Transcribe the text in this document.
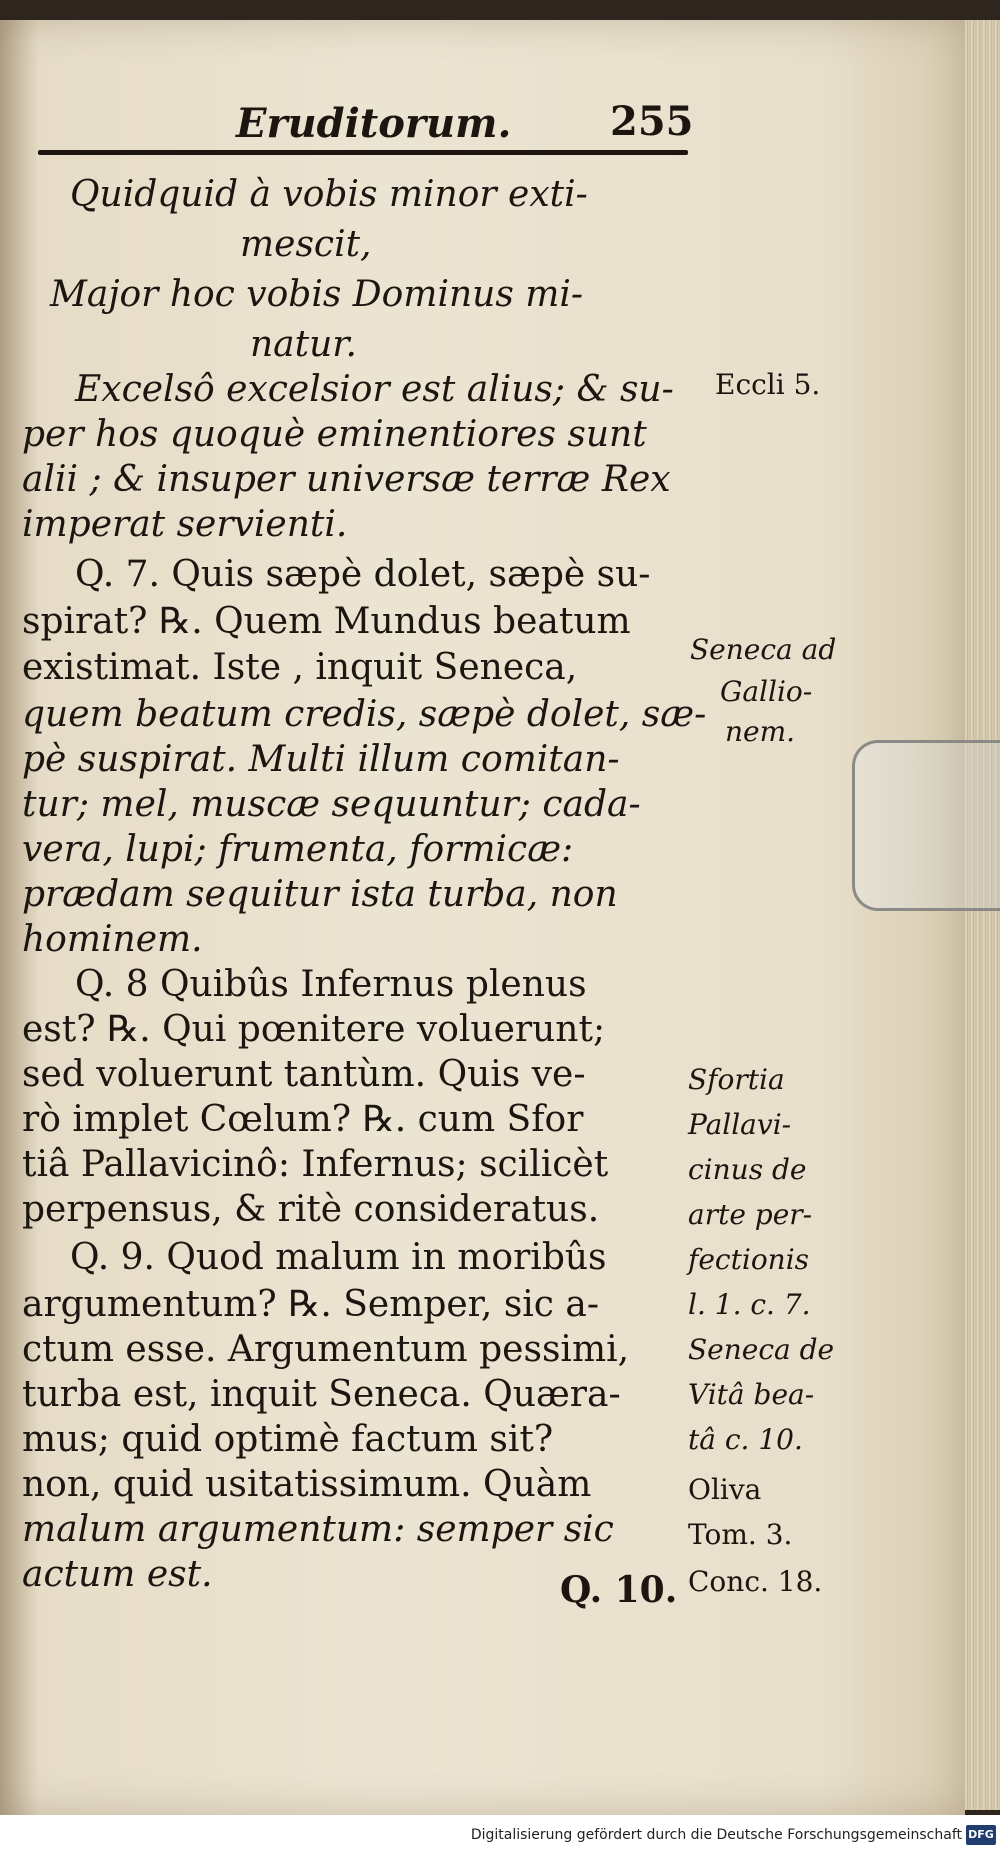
Eruditorum. 255
Quidquid à vobis minor exti-
mescit,
Major hoc vobis Dominus mi-
natur.
Excelsô excelsior est alius; & su-
per hos quoquè eminentiores sunt
alii ; & insuper universæ terræ Rex
imperat servienti.
Q. 7. Quis sæpè dolet, sæpè su-
spirat? ℞. Quem Mundus beatum
existimat. Iste , inquit Seneca,
quem beatum credis, sæpè dolet, sæ-
pè suspirat. Multi illum comitan-
tur; mel, muscæ sequuntur; cada-
vera, lupi; frumenta, formicæ:
prædam sequitur ista turba, non
hominem.
Q. 8 Quibûs Infernus plenus
est? ℞. Qui pœnitere voluerunt;
sed voluerunt tantùm. Quis ve-
rò implet Cœlum? ℞. cum Sfor
tiâ Pallavicinô: Infernus; scilicèt
perpensus, & ritè consideratus.
Q. 9. Quod malum in moribûs
argumentum? ℞. Semper, sic a-
ctum esse. Argumentum pessimi,
turba est, inquit Seneca. Quæra-
mus; quid optimè factum sit?
non, quid usitatissimum. Quàm
malum argumentum: semper sic
actum est.
Eccli 5.
Seneca ad
Gallio-
nem.
Sfortia
Pallavi-
cinus de
arte per-
fectionis
l. 1. c. 7.
Seneca de
Vitâ bea-
tâ c. 10.
Oliva
Tom. 3.
Conc. 18.
Q. 10.
Digitalisierung gefördert durch die Deutsche Forschungsgemeinschaft DFG
